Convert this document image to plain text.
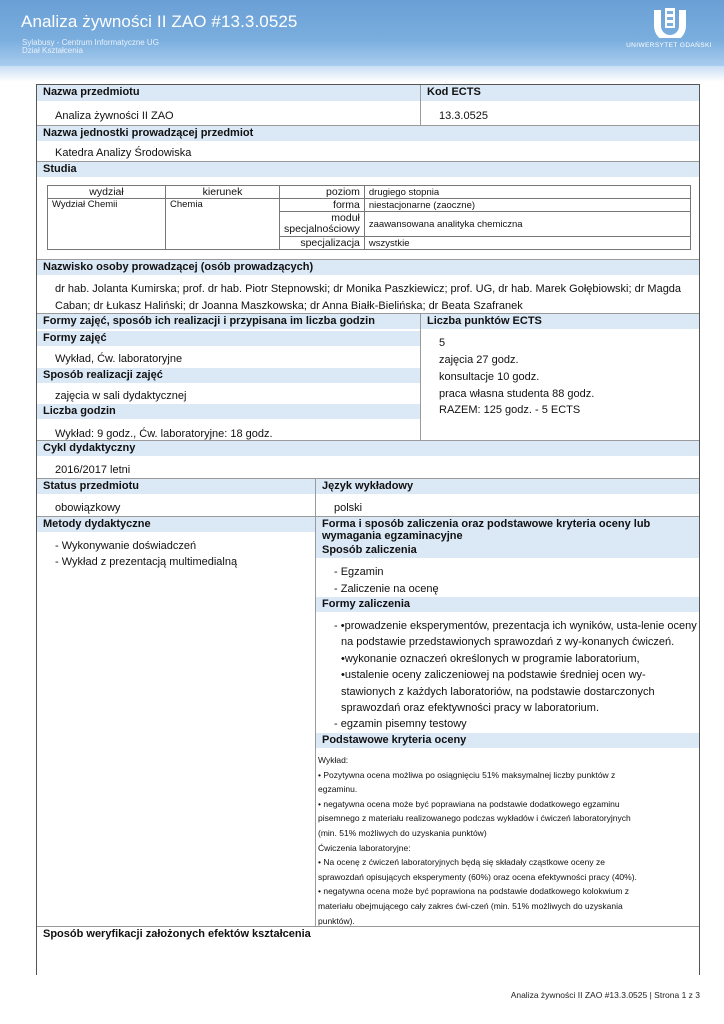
Analiza żywności II ZAO #13.3.0525
Sylabusy - Centrum Informatyczne UG
Dział Kształcenia
UNIWERSYTET GDAŃSKI
Nazwa przedmiotu	Kod ECTS
Analiza żywności II ZAO	13.3.0525
Nazwa jednostki prowadzącej przedmiot
Katedra Analizy Środowiska
Studia
wydział	kierunek	poziom	drugiego stopnia
Wydział Chemii	Chemia	forma	niestacjonarne (zaoczne)
		moduł specjalnościowy	zaawansowana analityka chemiczna
		specjalizacja	wszystkie
Nazwisko osoby prowadzącej (osób prowadzących)
dr hab. Jolanta Kumirska; prof. dr hab. Piotr Stepnowski; dr Monika Paszkiewicz; prof. UG, dr hab. Marek Gołębiowski; dr Magda
Caban; dr Łukasz Haliński; dr Joanna Maszkowska; dr Anna Białk-Bielińska; dr Beata Szafranek
Formy zajęć, sposób ich realizacji i przypisana im liczba godzin	Liczba punktów ECTS
Formy zajęć
Wykład, Ćw. laboratoryjne
Sposób realizacji zajęć
zajęcia w sali dydaktycznej
Liczba godzin
Wykład: 9 godz., Ćw. laboratoryjne: 18 godz.
5
zajęcia 27 godz.
konsultacje 10 godz.
praca własna studenta 88 godz.
RAZEM: 125 godz. - 5 ECTS
Cykl dydaktyczny
2016/2017 letni
Status przedmiotu	Język wykładowy
obowiązkowy	polski
Metody dydaktyczne
- Wykonywanie doświadczeń
- Wykład z prezentacją multimedialną
Forma i sposób zaliczenia oraz podstawowe kryteria oceny lub
wymagania egzaminacyjne
Sposób zaliczenia
- Egzamin
- Zaliczenie na ocenę
Formy zaliczenia
- •prowadzenie eksperymentów, prezentacja ich wyników, usta-lenie oceny
na podstawie przedstawionych sprawozdań z wy-konanych ćwiczeń.
•wykonanie oznaczeń określonych w programie laboratorium,
•ustalenie oceny zaliczeniowej na podstawie średniej ocen wy-
stawionych z każdych laboratoriów, na podstawie dostarczonych
sprawozdań oraz efektywności pracy w laboratorium.
- egzamin pisemny testowy
Podstawowe kryteria oceny
Wykład:
• Pozytywna ocena możliwa po osiągnięciu 51% maksymalnej liczby punktów z
egzaminu.
• negatywna ocena może być poprawiana na podstawie dodatkowego egzaminu
pisemnego z materiału realizowanego podczas wykładów i ćwiczeń laboratoryjnych
(min. 51% możliwych do uzyskania punktów)
Ćwiczenia laboratoryjne:
• Na ocenę z ćwiczeń laboratoryjnych będą się składały cząstkowe oceny ze
sprawozdań opisujących eksperymenty (60%) oraz ocena efektywności pracy (40%).
• negatywna ocena może być poprawiona na podstawie dodatkowego kolokwium z
materiału obejmującego cały zakres ćwi-czeń (min. 51% możliwych do uzyskania
punktów).
Sposób weryfikacji założonych efektów kształcenia
Analiza żywności II ZAO #13.3.0525 | Strona 1 z 3
